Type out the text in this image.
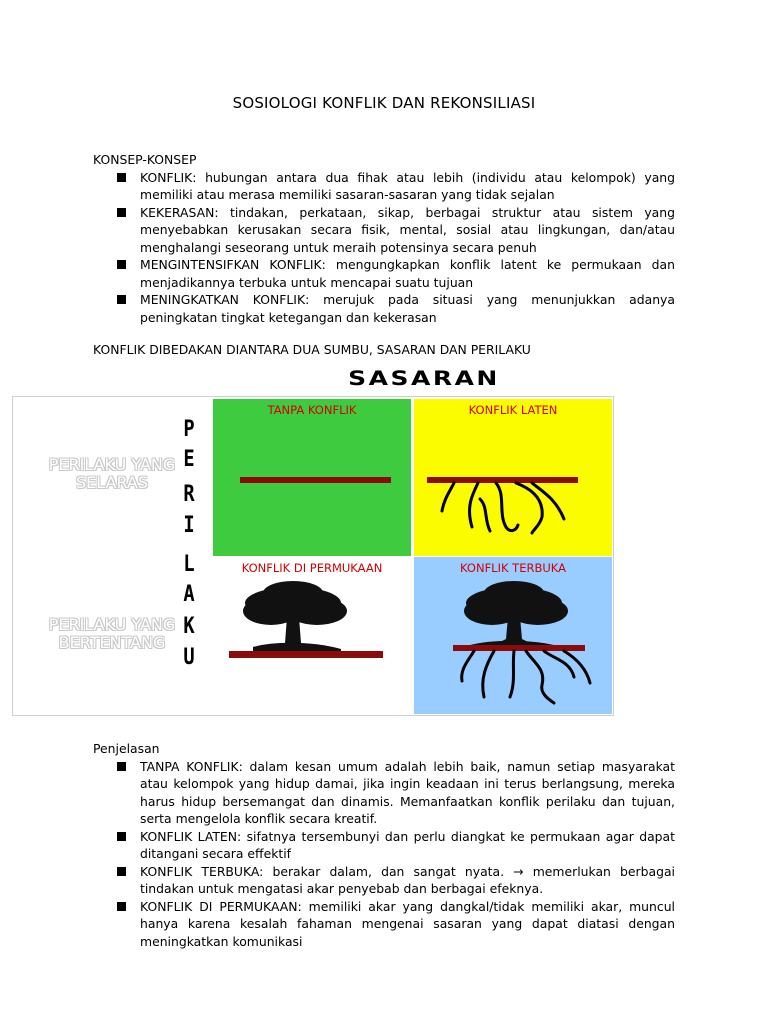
SOSIOLOGI KONFLIK DAN REKONSILIASI

KONSEP-KONSEP

KONFLIK: hubungan antara dua fihak atau lebih (individu atau kelompok) yang memiliki atau merasa memiliki sasaran-sasaran yang tidak sejalan
KEKERASAN: tindakan, perkataan, sikap, berbagai struktur atau sistem yang menyebabkan kerusakan secara fisik, mental, sosial atau lingkungan, dan/atau menghalangi seseorang untuk meraih potensinya secara penuh
MENGINTENSIFKAN KONFLIK: mengungkapkan konflik latent ke permukaan dan menjadikannya terbuka untuk mencapai suatu tujuan
MENINGKATKAN KONFLIK: merujuk pada situasi yang menunjukkan adanya peningkatan tingkat ketegangan dan kekerasan
KONFLIK DIBEDAKAN DIANTARA DUA SUMBU, SASARAN DAN PERILAKU
SASARAN
PERILAKU YANG
SELARAS
PERILAKU YANG
BERTENTANG
P
E
R
I
L
A
K
U
TANPA KONFLIK	KONFLIK LATEN
KONFLIK DI PERMUKAAN	KONFLIK TERBUKA

Penjelasan

TANPA KONFLIK: dalam kesan umum adalah lebih baik, namun setiap masyarakat atau kelompok yang hidup damai, jika ingin keadaan ini terus berlangsung, mereka harus hidup bersemangat dan dinamis. Memanfaatkan konflik perilaku dan tujuan, serta mengelola konflik secara kreatif.
KONFLIK LATEN: sifatnya tersembunyi dan perlu diangkat ke permukaan agar dapat ditangani secara effektif
KONFLIK TERBUKA: berakar dalam, dan sangat nyata. → memerlukan berbagai tindakan untuk mengatasi akar penyebab dan berbagai efeknya.
KONFLIK DI PERMUKAAN: memiliki akar yang dangkal/tidak memiliki akar, muncul hanya karena kesalah fahaman mengenai sasaran yang dapat diatasi dengan meningkatkan komunikasi
